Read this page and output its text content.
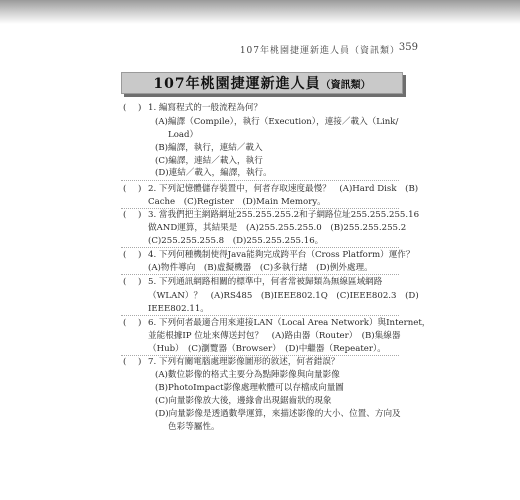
107年桃園捷運新進人員（資訊類）
359
107年桃園捷運新進人員（資訊類）
( ) 1. 編寫程式的一般流程為何？
(A)編譯（Compile），執行（Execution），連接／載入（Link/
Load）
(B)編譯，執行，連結／載入
(C)編譯，連結／載入，執行
(D)連結／載入，編譯，執行。
( ) 2. 下列記憶體儲存裝置中，何者存取速度最慢？　(A)Hard Disk　(B)
Cache　(C)Register　(D)Main Memory。
( ) 3. 當我們把主網路網址255.255.255.2和子網路位址255.255.255.16
做AND運算，其結果是　(A)255.255.255.0　(B)255.255.255.2
(C)255.255.255.8　(D)255.255.255.16。
( ) 4. 下列何種機制使得Java能夠完成跨平台（Cross Platform）運作？
(A)物件導向　(B)虛擬機器　(C)多執行緒　(D)例外處理。
( ) 5. 下列通訊網路相關的標準中，何者常被歸類為無線區域網路
（WLAN）？　(A)RS485　(B)IEEE802.1Q　(C)IEEE802.3　(D)
IEEE802.11。
( ) 6. 下列何者最適合用來連接LAN（Local Area Network）與Internet，
並能根據IP 位址來傳送封包？　(A)路由器（Router）　(B)集線器
（Hub）　(C)瀏覽器（Browser）　(D)中繼器（Repeater）。
( ) 7. 下列有關電腦處理影像圖形的敘述，何者錯誤？
(A)數位影像的格式主要分為點陣影像與向量影像
(B)PhotoImpact影像處理軟體可以存檔成向量圖
(C)向量影像放大後，邊緣會出現鋸齒狀的現象
(D)向量影像是透過數學運算，來描述影像的大小、位置、方向及
色彩等屬性。
